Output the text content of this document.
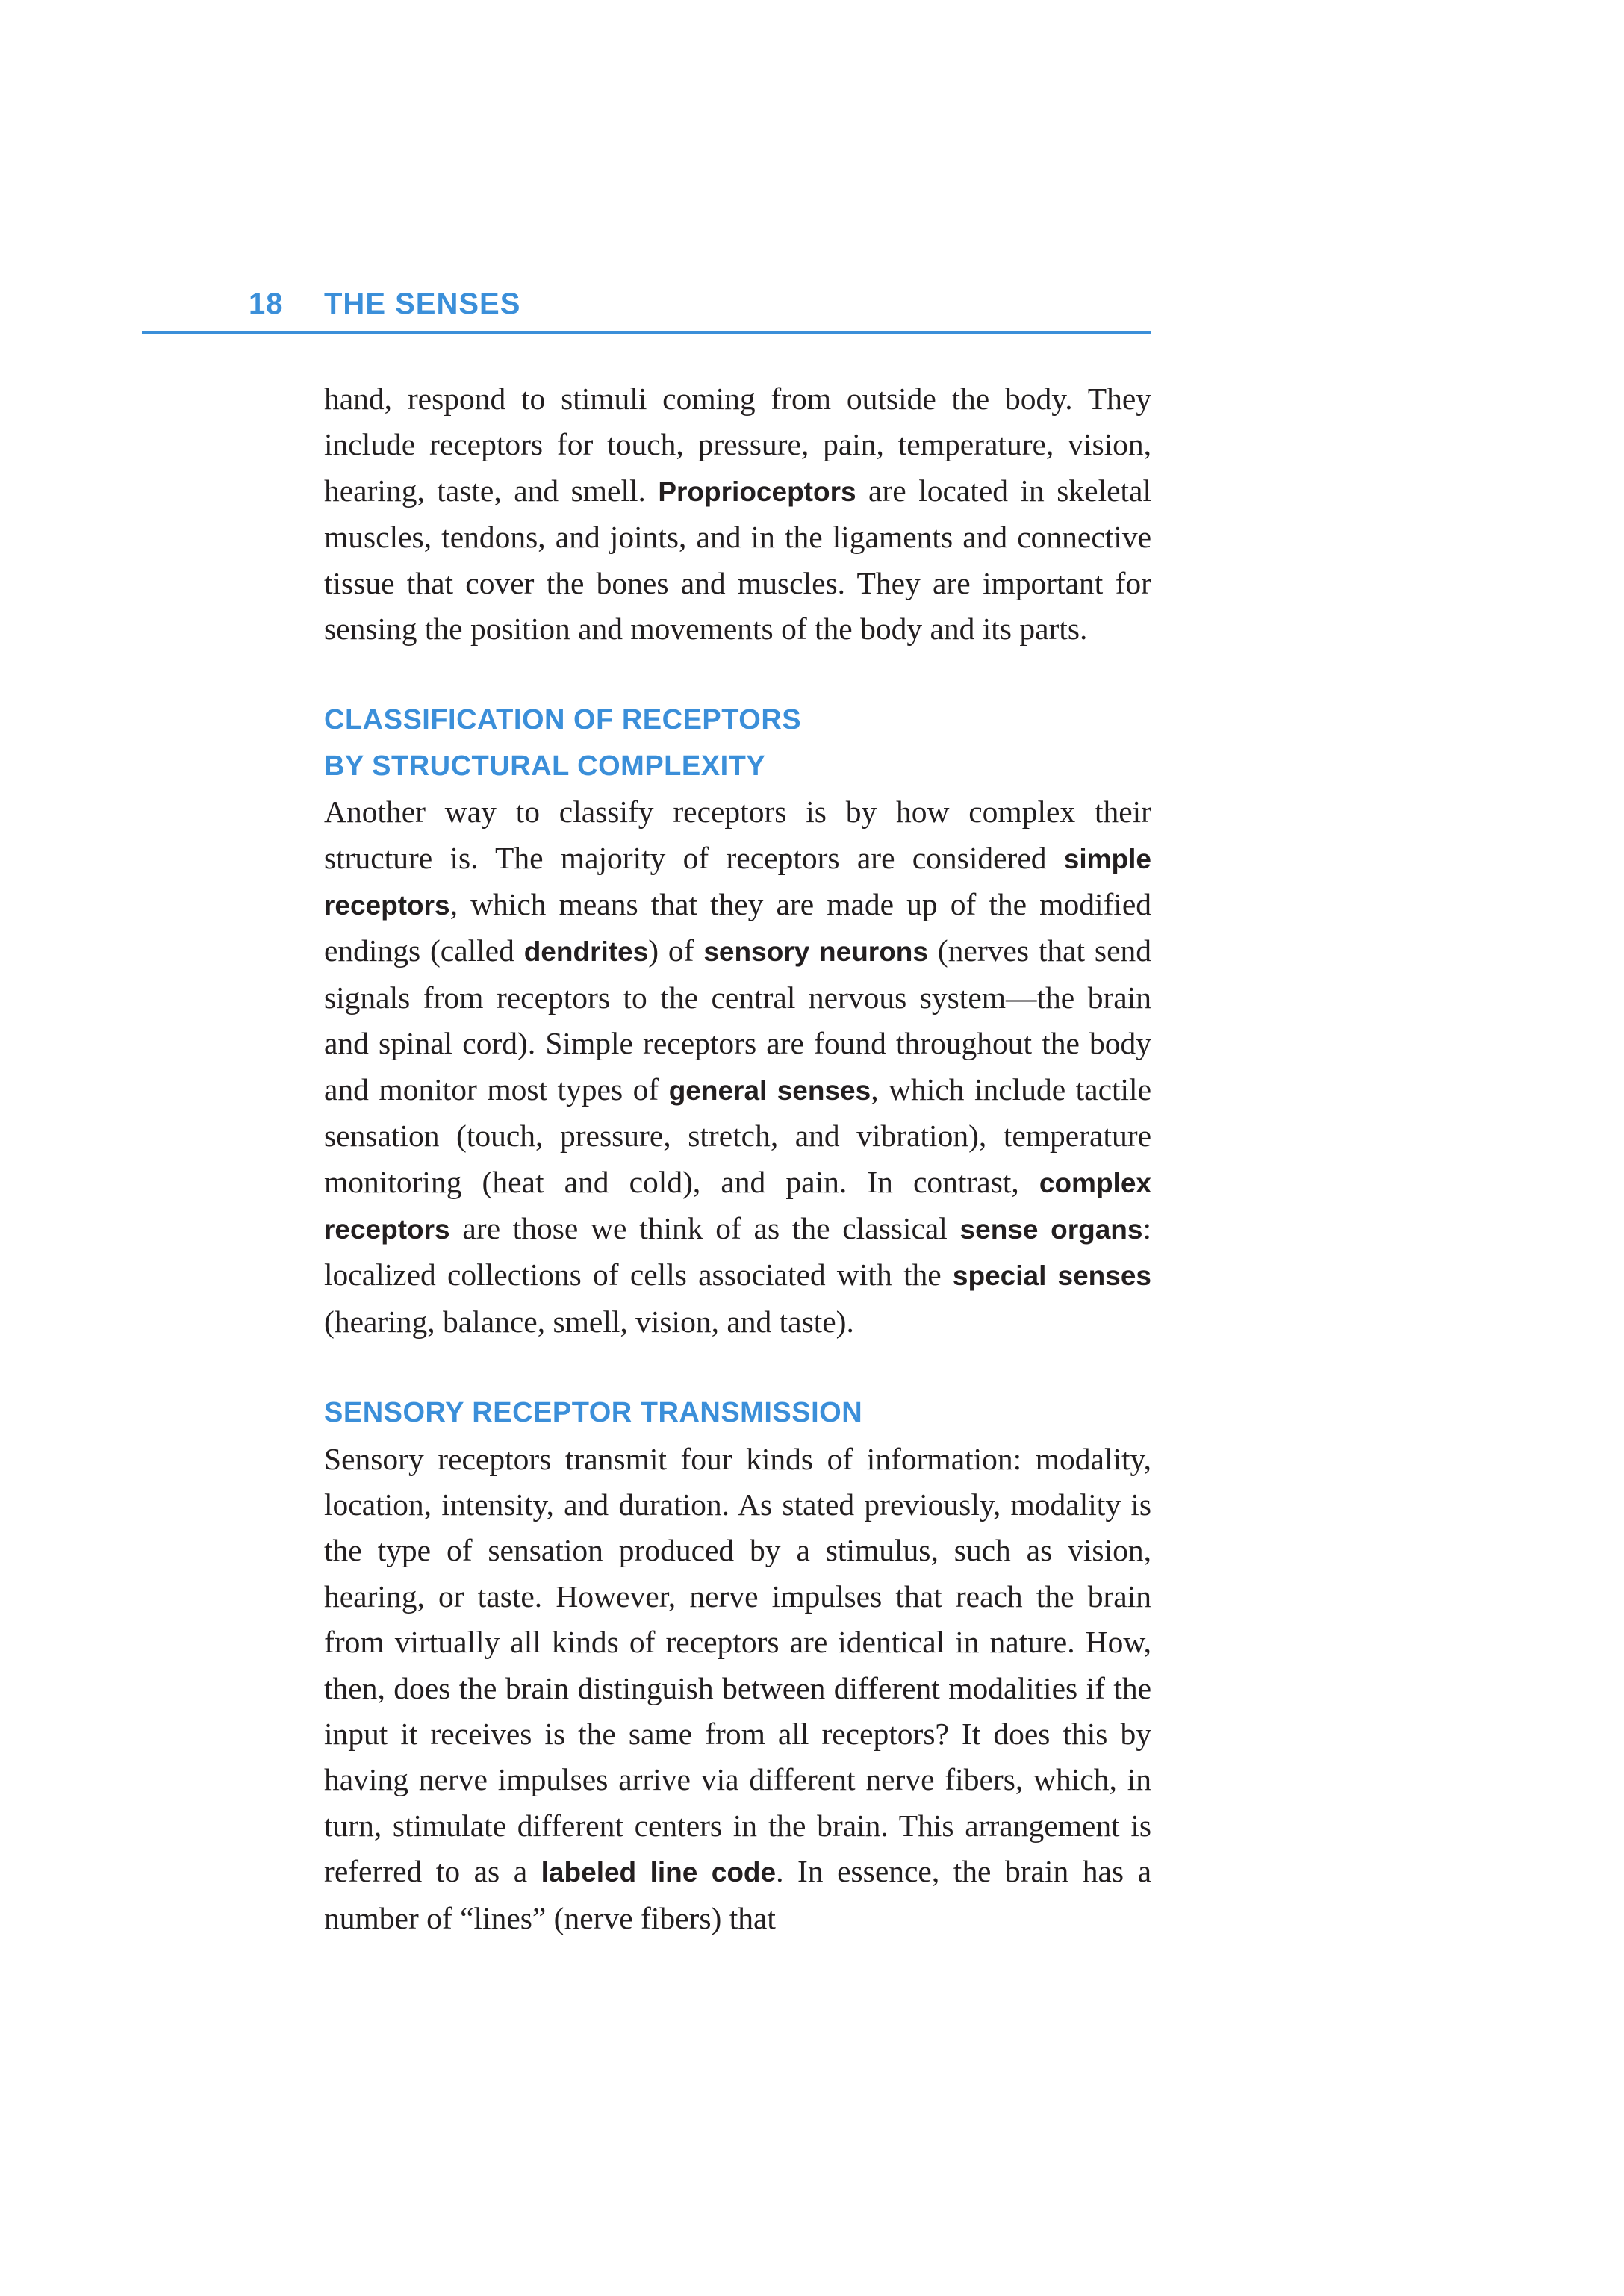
18 THE SENSES

hand, respond to stimuli coming from outside the body. They include receptors for touch, pressure, pain, temperature, vision, hearing, taste, and smell. Proprioceptors are located in skeletal muscles, tendons, and joints, and in the ligaments and connective tissue that cover the bones and muscles. They are important for sensing the position and movements of the body and its parts.

CLASSIFICATION OF RECEPTORS
BY STRUCTURAL COMPLEXITY

Another way to classify receptors is by how complex their structure is. The majority of receptors are considered simple receptors, which means that they are made up of the modified endings (called dendrites) of sensory neurons (nerves that send signals from receptors to the central nervous system—the brain and spinal cord). Simple receptors are found throughout the body and monitor most types of general senses, which include tactile sensation (touch, pressure, stretch, and vibration), temperature monitoring (heat and cold), and pain. In contrast, complex receptors are those we think of as the classical sense organs: localized collections of cells associated with the special senses (hearing, balance, smell, vision, and taste).

SENSORY RECEPTOR TRANSMISSION

Sensory receptors transmit four kinds of information: modality, location, intensity, and duration. As stated previously, modality is the type of sensation produced by a stimulus, such as vision, hearing, or taste. However, nerve impulses that reach the brain from virtually all kinds of receptors are identical in nature. How, then, does the brain distinguish between different modalities if the input it receives is the same from all receptors? It does this by having nerve impulses arrive via different nerve fibers, which, in turn, stimulate different centers in the brain. This arrangement is referred to as a labeled line code. In essence, the brain has a number of “lines” (nerve fibers) that
